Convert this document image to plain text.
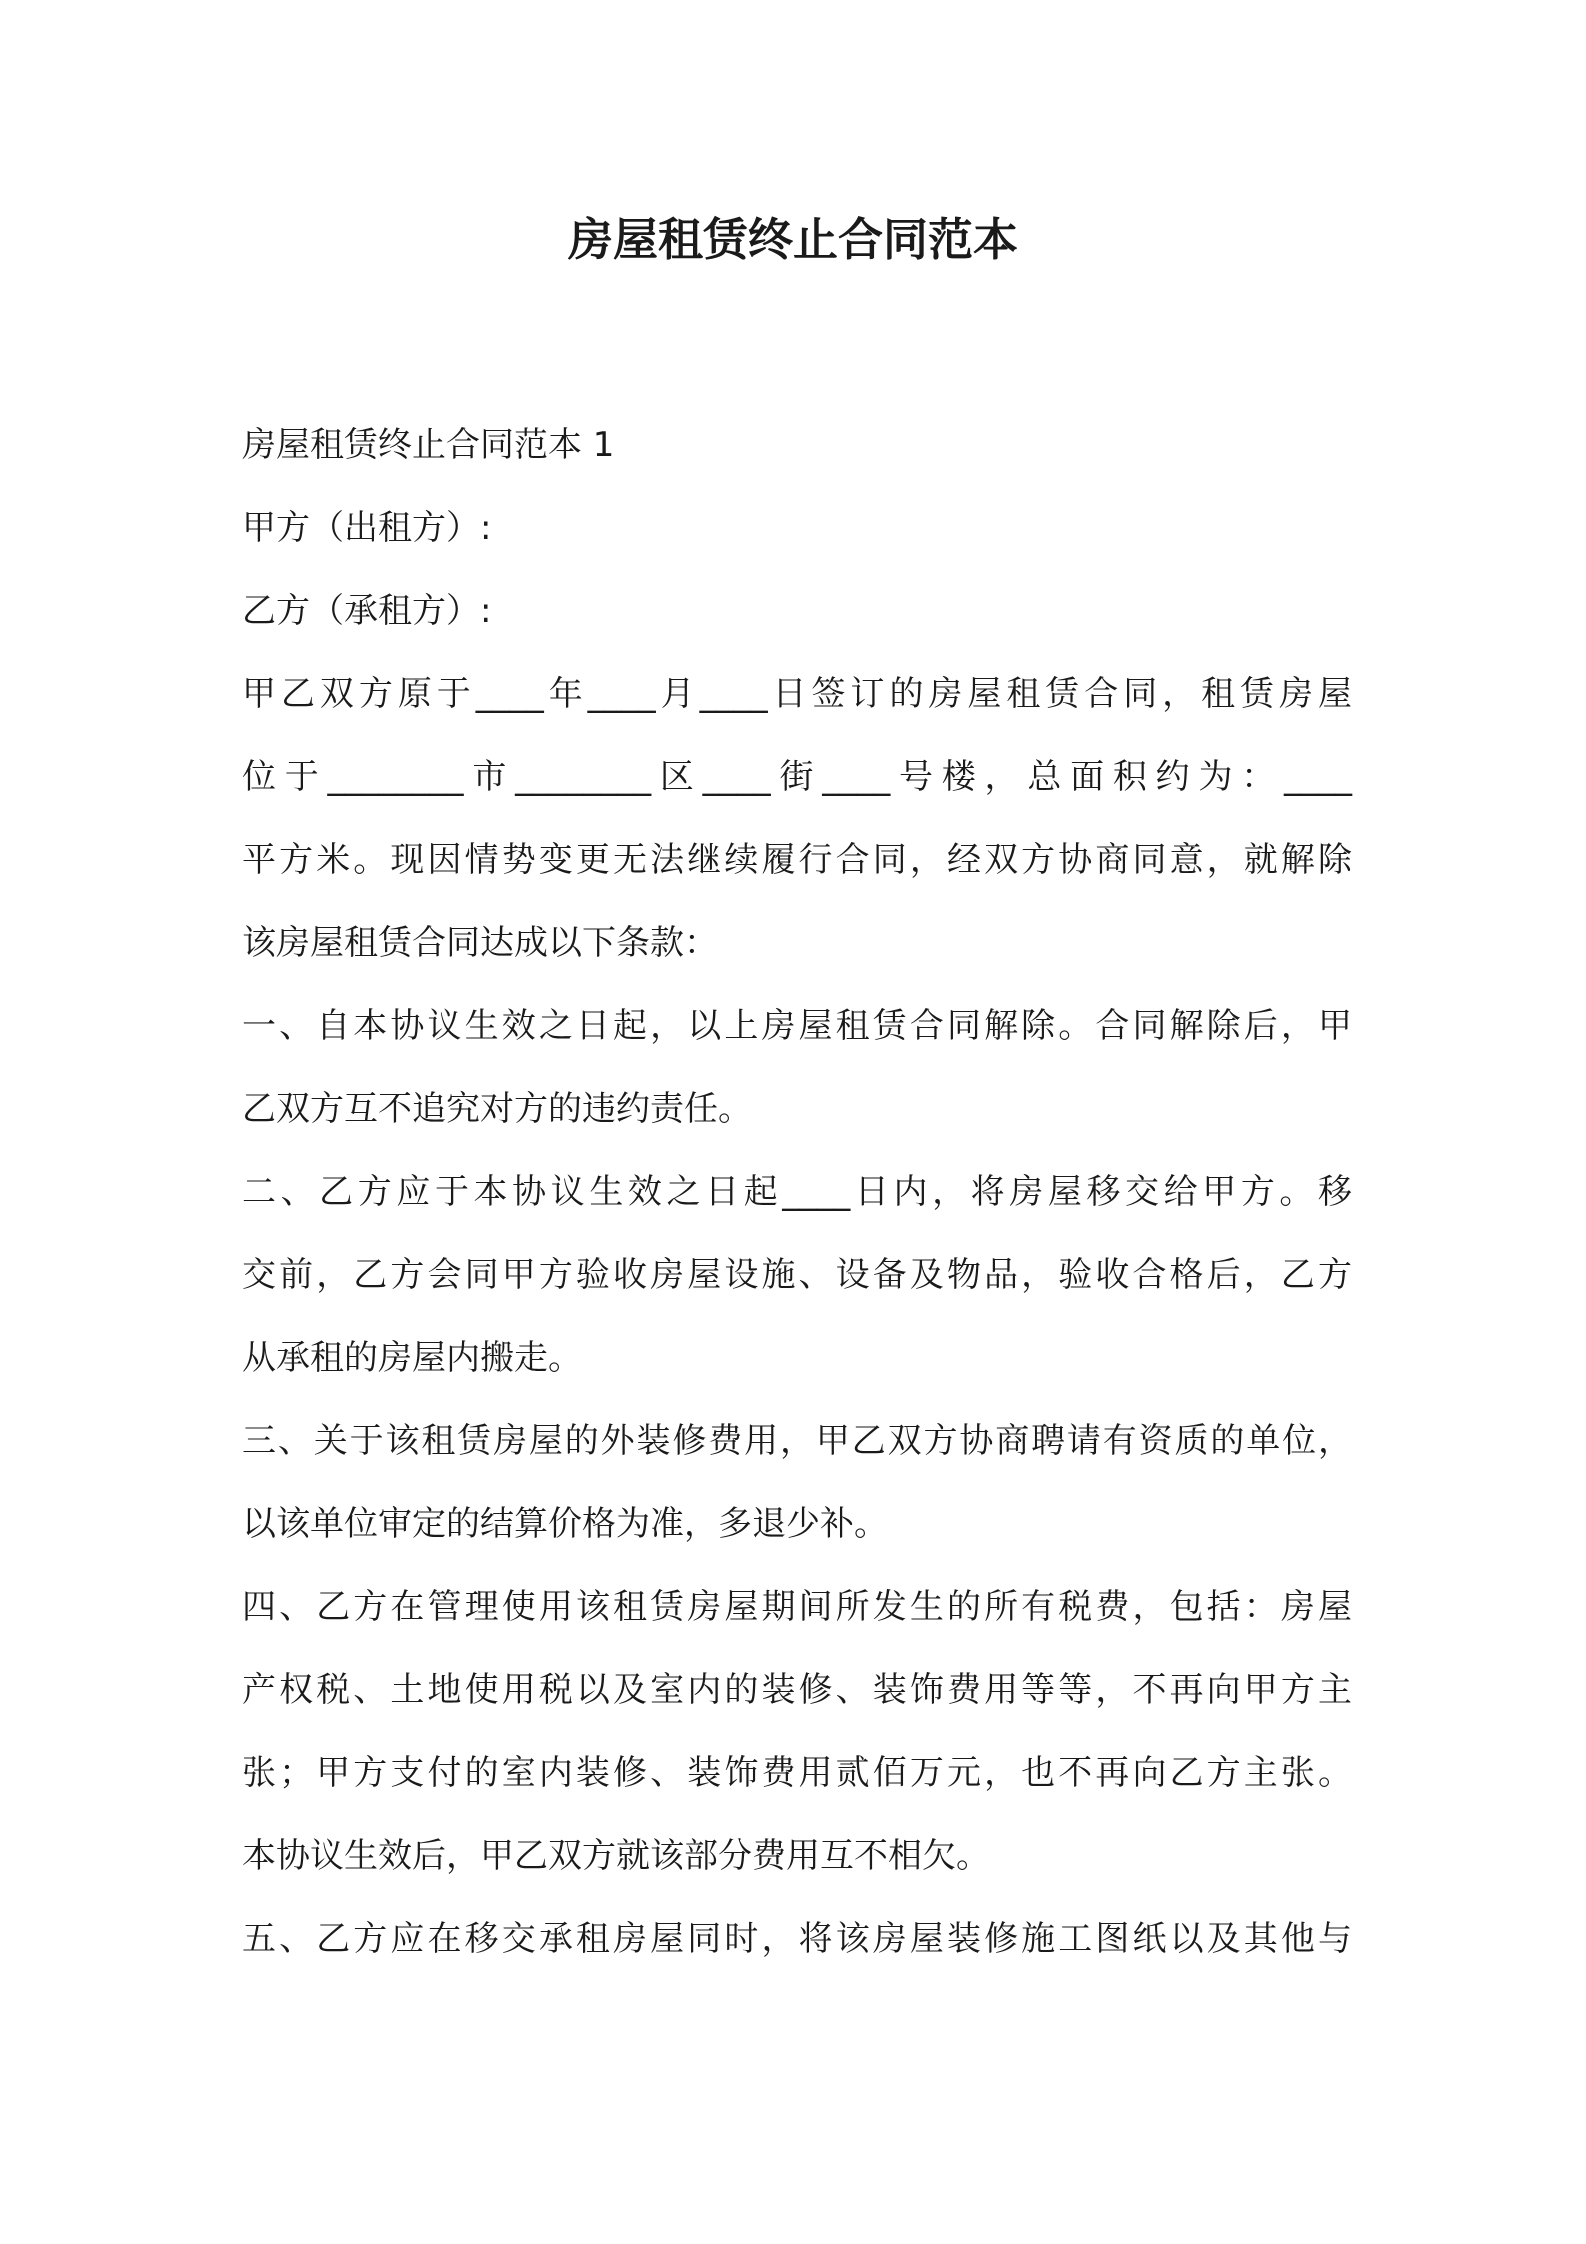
房屋租赁终止合同范本
房屋租赁终止合同范本 1
甲方（出租方）:
乙方（承租方）:
甲乙双方原于____年____月____日签订的房屋租赁合同，租赁房屋
位于________市________区____街____号楼，总面积约为：____
平方米。现因情势变更无法继续履行合同，经双方协商同意，就解除
该房屋租赁合同达成以下条款：
一、自本协议生效之日起，以上房屋租赁合同解除。合同解除后，甲
乙双方互不追究对方的违约责任。
二、乙方应于本协议生效之日起____日内，将房屋移交给甲方。移
交前，乙方会同甲方验收房屋设施、设备及物品，验收合格后，乙方
从承租的房屋内搬走。
三、关于该租赁房屋的外装修费用，甲乙双方协商聘请有资质的单位，
以该单位审定的结算价格为准，多退少补。
四、乙方在管理使用该租赁房屋期间所发生的所有税费，包括：房屋
产权税、土地使用税以及室内的装修、装饰费用等等，不再向甲方主
张；甲方支付的室内装修、装饰费用贰佰万元，也不再向乙方主张。
本协议生效后，甲乙双方就该部分费用互不相欠。
五、乙方应在移交承租房屋同时，将该房屋装修施工图纸以及其他与
